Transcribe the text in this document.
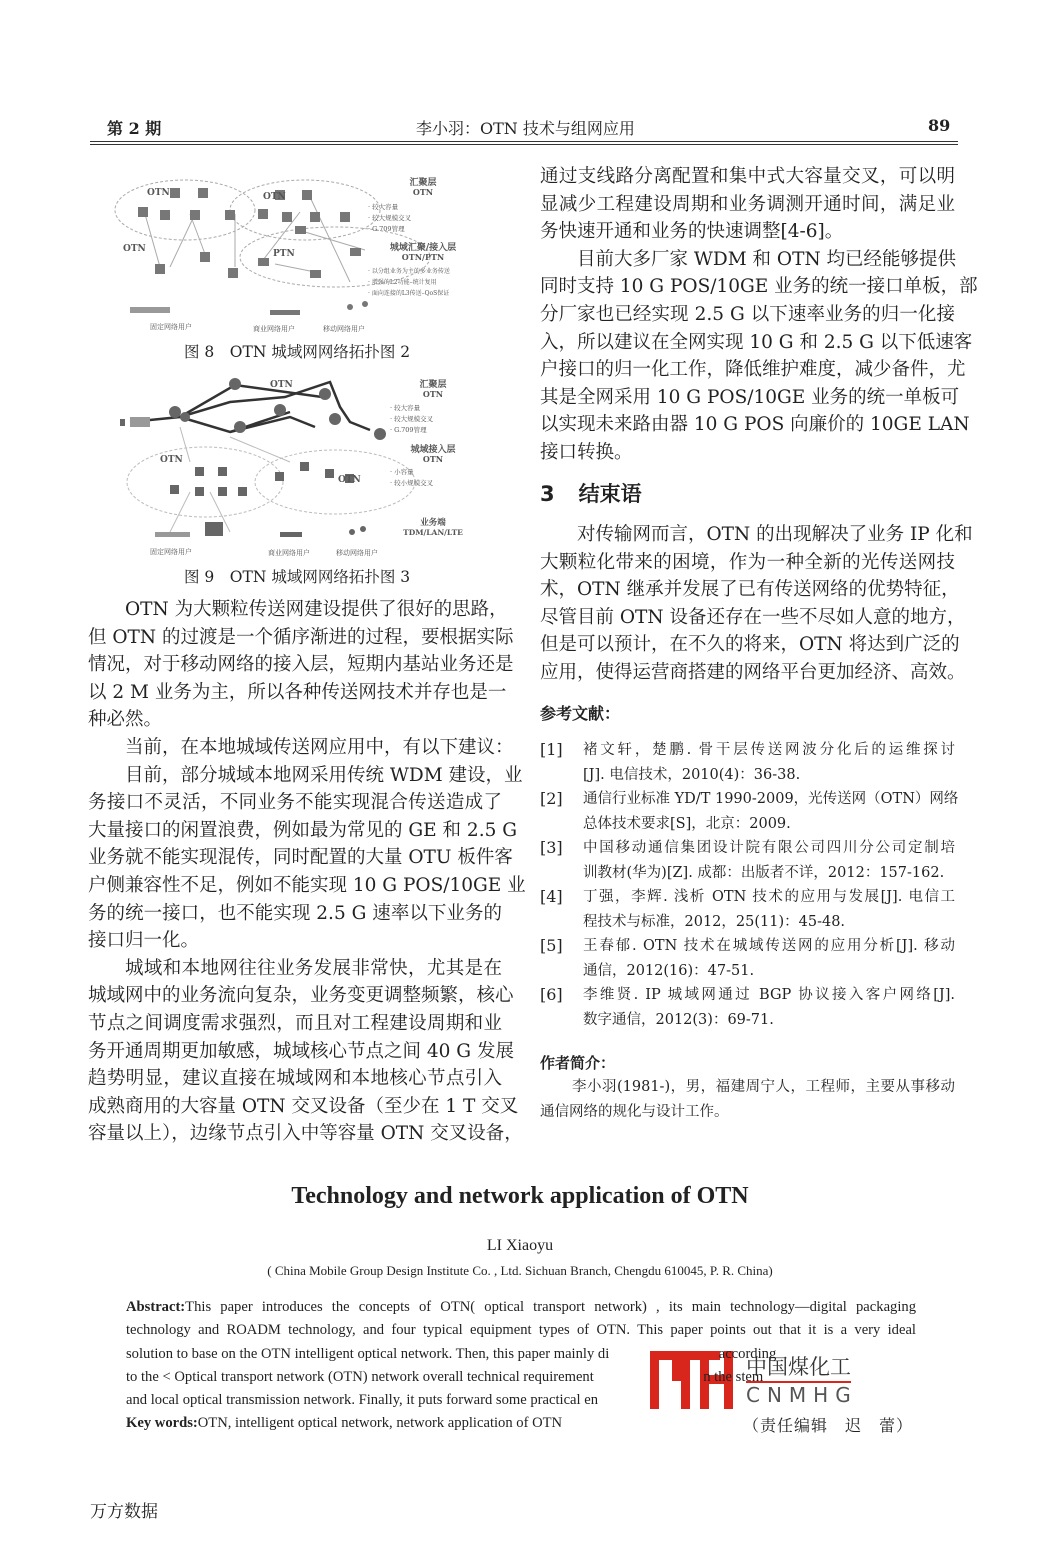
第 2 期	李小羽：OTN 技术与组网应用	89
OTN	OTN
OTN	PTN
汇聚层
OTN
· 较大容量
· 较大规模交叉
· G.709管理
城域汇聚/接入层
OTN/PTN
· 以分组业务为主的多业务传送
· 增强的L2功能–统计复用
· 面向连接的L3传送–QoS保证
固定网络用户	商业网络用户	移动网络用户
图 8　OTN 城域网网络拓扑图 2
OTN
OTN
OTN
汇聚层
OTN
· 较大容量
· 较大规模交叉
· G.709管理
城域接入层
OTN
· 小容量
· 较小规模交叉
业务端
TDM/LAN/LTE
固定网络用户	商业网络用户	移动网络用户
图 9　OTN 城域网网络拓扑图 3
OTN 为大颗粒传送网建设提供了很好的思路，
但 OTN 的过渡是一个循序渐进的过程，要根据实际
情况，对于移动网络的接入层，短期内基站业务还是
以 2 M 业务为主，所以各种传送网技术并存也是一
种必然。
当前，在本地城域传送网应用中，有以下建议：
目前，部分城域本地网采用传统 WDM 建设，业
务接口不灵活，不同业务不能实现混合传送造成了
大量接口的闲置浪费，例如最为常见的 GE 和 2.5 G
业务就不能实现混传，同时配置的大量 OTU 板件客
户侧兼容性不足，例如不能实现 10 G POS/10GE 业
务的统一接口，也不能实现 2.5 G 速率以下业务的
接口归一化。
城域和本地网往往业务发展非常快，尤其是在
城域网中的业务流向复杂，业务变更调整频繁，核心
节点之间调度需求强烈，而且对工程建设周期和业
务开通周期更加敏感，城域核心节点之间 40 G 发展
趋势明显，建议直接在城域网和本地核心节点引入
成熟商用的大容量 OTN 交叉设备（至少在 1 T 交叉
容量以上），边缘节点引入中等容量 OTN 交叉设备，
通过支线路分离配置和集中式大容量交叉，可以明
显减少工程建设周期和业务调测开通时间，满足业
务快速开通和业务的快速调整[4-6]。
目前大多厂家 WDM 和 OTN 均已经能够提供
同时支持 10 G POS/10GE 业务的统一接口单板，部
分厂家也已经实现 2.5 G 以下速率业务的归一化接
入，所以建议在全网实现 10 G 和 2.5 G 以下低速客
户接口的归一化工作，降低维护难度，减少备件，尤
其是全网采用 10 G POS/10GE 业务的统一单板可
以实现未来路由器 10 G POS 向廉价的 10GE LAN
接口转换。
3 结束语
对传输网而言，OTN 的出现解决了业务 IP 化和
大颗粒化带来的困境，作为一种全新的光传送网技
术，OTN 继承并发展了已有传送网络的优势特征，
尽管目前 OTN 设备还存在一些不尽如人意的地方，
但是可以预计，在不久的将来，OTN 将达到广泛的
应用，使得运营商搭建的网络平台更加经济、高效。
参考文献：
[1]	褚文轩，楚鹏. 骨干层传送网波分化后的运维探讨
[J]. 电信技术，2010(4)：36-38.
[2]	通信行业标准 YD/T 1990-2009，光传送网（OTN）网络
总体技术要求[S]，北京：2009.
[3]	中国移动通信集团设计院有限公司四川分公司定制培
训教材(华为)[Z]. 成都：出版者不详，2012：157-162.
[4]	丁强，李辉. 浅析 OTN 技术的应用与发展[J]. 电信工
程技术与标准，2012，25(11)：45-48.
[5]	王春郁. OTN 技术在城域传送网的应用分析[J]. 移动
通信，2012(16)：47-51.
[6]	李维贤. IP 城域网通过 BGP 协议接入客户网络[J].
数字通信，2012(3)：69-71.
作者简介：
李小羽(1981-)，男，福建周宁人，工程师，主要从事移动
通信网络的规化与设计工作。
Technology and network application of OTN
LI Xiaoyu
( China Mobile Group Design Institute Co. , Ltd. Sichuan Branch, Chengdu 610045, P. R. China)
中国煤化工
CNMHG
Abstract:This paper introduces the concepts of OTN( optical transport network) , its main technology—digital packaging
technology and ROADM technology, and four typical equipment types of OTN. This paper points out that it is a very ideal
solution to base on the OTN intelligent optical network. Then, this paper mainly di                              according
to the < Optical transport network (OTN) network overall technical requirement                              n the stem
and local optical transmission network. Finally, it puts forward some practical en
Key words:OTN, intelligent optical network, network application of OTN	（责任编辑　迟　蕾）
万方数据
